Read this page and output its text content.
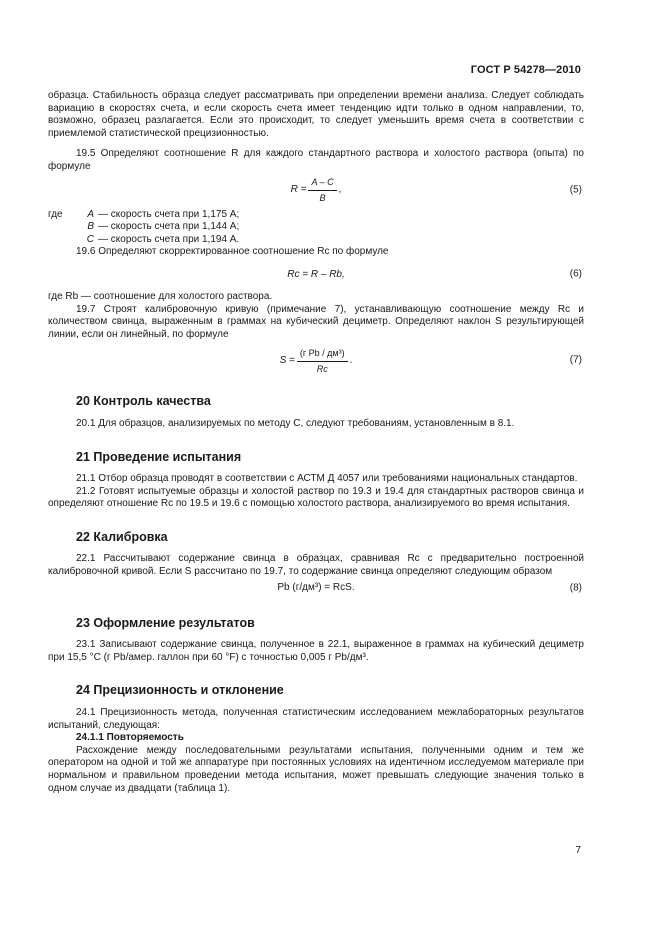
ГОСТ Р 54278—2010

образца. Стабильность образца следует рассматривать при определении времени анализа. Следует соблюдать вариацию в скоростях счета, и если скорость счета имеет тенденцию идти только в одном направлении, то, возможно, образец разлагается. Если это происходит, то следует уменьшить время счета в соответствии с приемлемой статистической прецизионностью.

19.5 Определяют соотношение R для каждого стандартного раствора и холостого раствора (опыта) по формуле

$R = \frac{A - C}{B}$ ,	(5)
где	A — скорость счета при 1,175 А;
B — скорость счета при 1,144 А;
C — скорость счета при 1,194 А.

19.6 Определяют скорректированное соотношение Rc по формуле

Rc = R – Rb,	(6)

где Rb — соотношение для холостого раствора.

19.7 Строят калибровочную кривую (примечание 7), устанавливающую соотношение между Rc и количеством свинца, выраженным в граммах на кубический дециметр. Определяют наклон S результирующей линии, если он линейный, по формуле

$S = \frac{\text{(г Pb / дм³)}}{Rc}$ .	(7)
20 Контроль качества

20.1 Для образцов, анализируемых по методу С, следуют требованиям, установленным в 8.1.

21 Проведение испытания

21.1 Отбор образца проводят в соответствии с АСТМ Д 4057 или требованиями национальных стандартов.

21.2 Готовят испытуемые образцы и холостой раствор по 19.3 и 19.4 для стандартных растворов свинца и определяют отношение Rc по 19.5 и 19.6 с помощью холостого раствора, анализируемого во время испытания.

22 Калибровка

22.1 Рассчитывают содержание свинца в образцах, сравнивая Rc с предварительно построенной калибровочной кривой. Если S рассчитано по 19.7, то содержание свинца определяют следующим образом

Pb (г/дм³) = RcS.	(8)
23 Оформление результатов

23.1 Записывают содержание свинца, полученное в 22.1, выраженное в граммах на кубический дециметр при 15,5 °С (г Pb/амер. галлон при 60 °F) с точностью 0,005 г Pb/дм³.

24 Прецизионность и отклонение

24.1 Прецизионность метода, полученная статистическим исследованием межлабораторных результатов испытаний, следующая:

24.1.1 Повторяемость

Расхождение между последовательными результатами испытания, полученными одним и тем же оператором на одной и той же аппаратуре при постоянных условиях на идентичном исследуемом материале при нормальном и правильном проведении метода испытания, может превышать следующие значения только в одном случае из двадцати (таблица 1).

7
